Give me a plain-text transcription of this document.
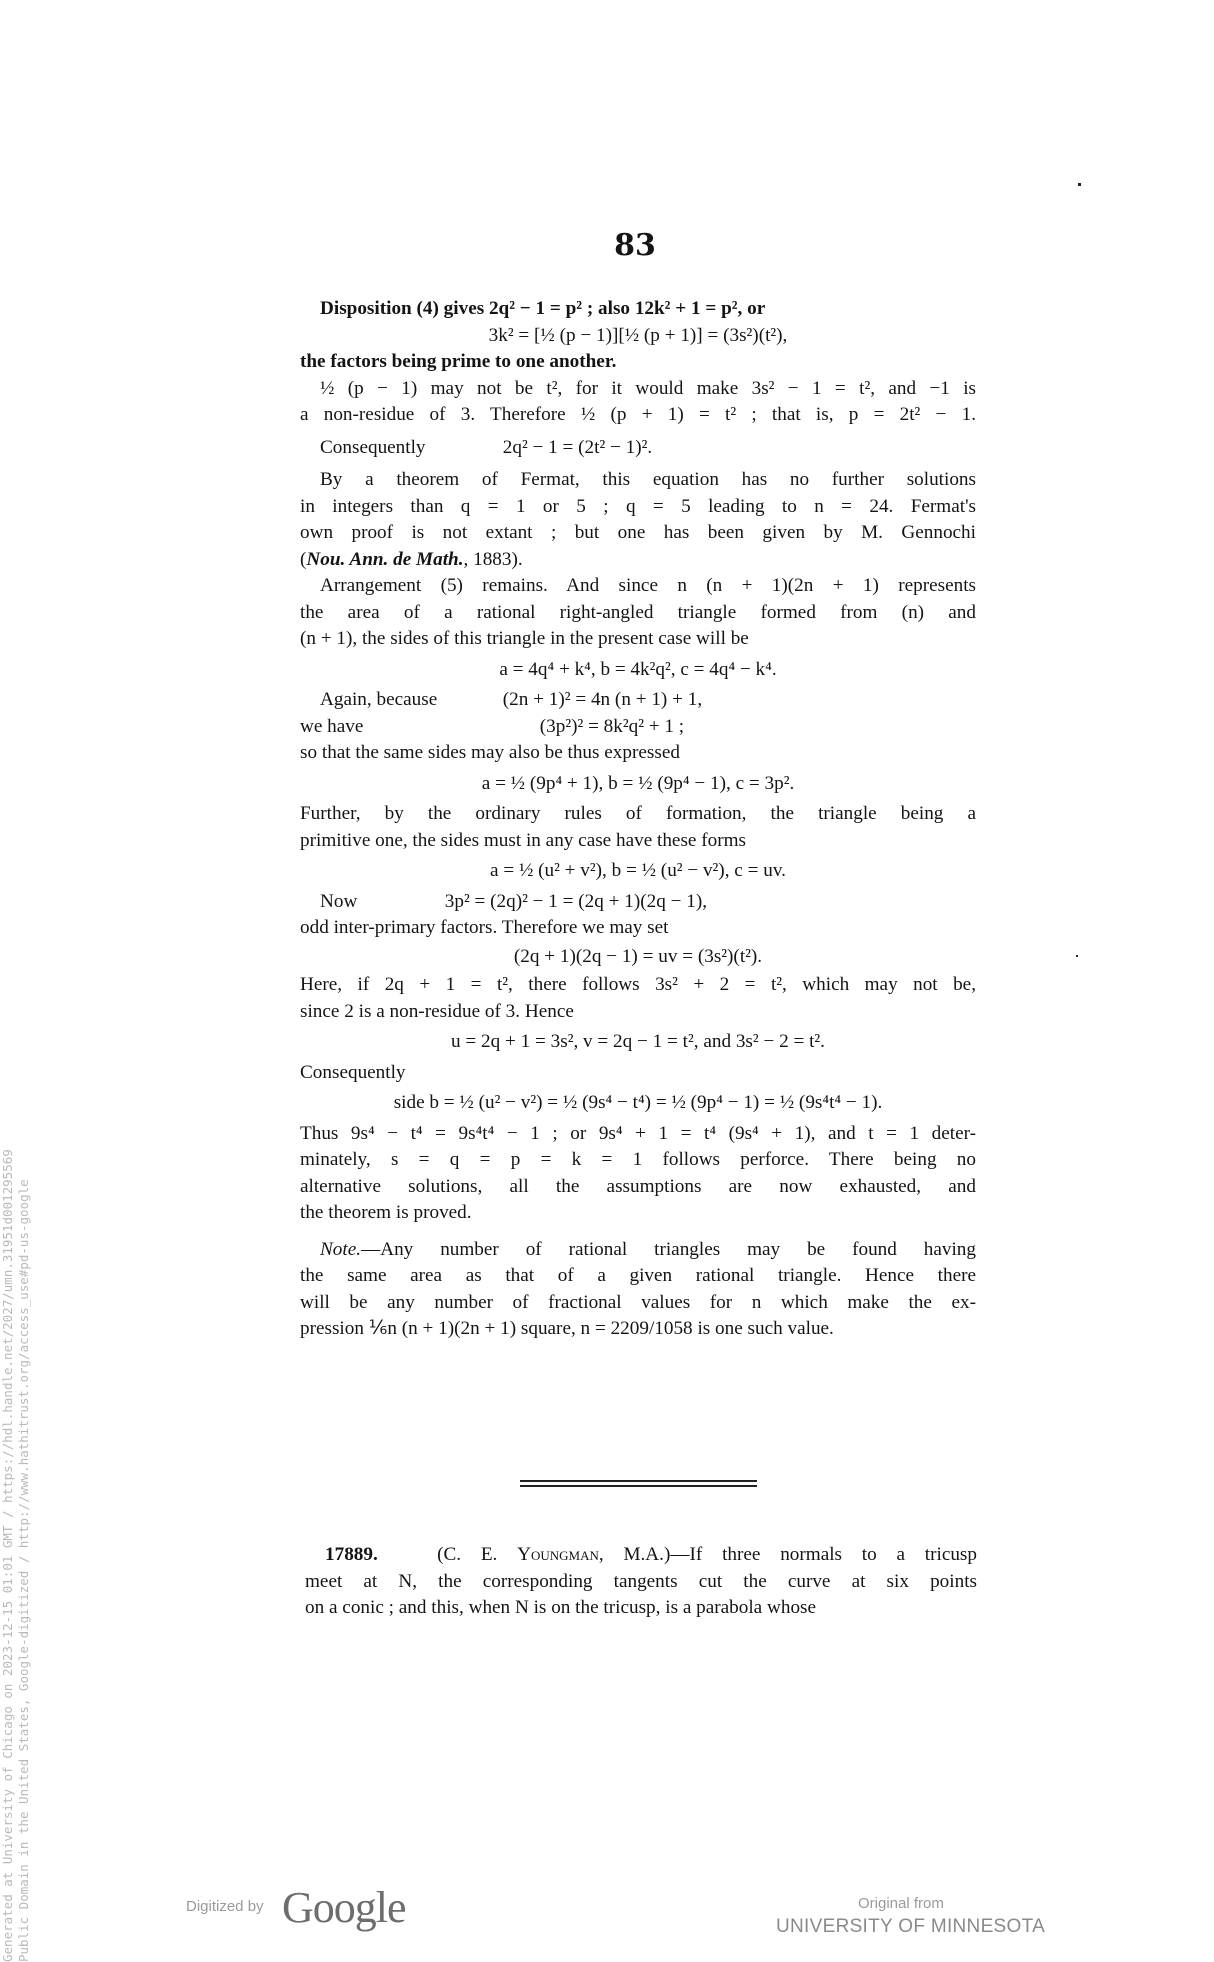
83
Disposition (4) gives 2q² − 1 = p² ; also 12k² + 1 = p², or
3k² = [½ (p − 1)][½ (p + 1)] = (3s²)(t²),
the factors being prime to one another.
½ (p − 1) may not be t², for it would make 3s² − 1 = t², and −1 is
a non-residue of 3. Therefore ½ (p + 1) = t² ; that is, p = 2t² − 1.
Consequently	2q² − 1 = (2t² − 1)².
By a theorem of Fermat, this equation has no further solutions
in integers than q = 1 or 5 ; q = 5 leading to n = 24. Fermat's
own proof is not extant ; but one has been given by M. Gennochi
(Nou. Ann. de Math., 1883).
Arrangement (5) remains. And since n (n + 1)(2n + 1) represents
the area of a rational right-angled triangle formed from (n) and
(n + 1), the sides of this triangle in the present case will be
a = 4q⁴ + k⁴, b = 4k²q², c = 4q⁴ − k⁴.
Again, because	(2n + 1)² = 4n (n + 1) + 1,
we have	(3p²)² = 8k²q² + 1 ;
so that the same sides may also be thus expressed
a = ½ (9p⁴ + 1), b = ½ (9p⁴ − 1), c = 3p².
Further, by the ordinary rules of formation, the triangle being a
primitive one, the sides must in any case have these forms
a = ½ (u² + v²), b = ½ (u² − v²), c = uv.
Now	3p² = (2q)² − 1 = (2q + 1)(2q − 1),
odd inter-primary factors. Therefore we may set
(2q + 1)(2q − 1) = uv = (3s²)(t²).
Here, if 2q + 1 = t², there follows 3s² + 2 = t², which may not be,
since 2 is a non-residue of 3. Hence
u = 2q + 1 = 3s², v = 2q − 1 = t², and 3s² − 2 = t².
Consequently
side b = ½ (u² − v²) = ½ (9s⁴ − t⁴) = ½ (9p⁴ − 1) = ½ (9s⁴t⁴ − 1).
Thus 9s⁴ − t⁴ = 9s⁴t⁴ − 1 ; or 9s⁴ + 1 = t⁴ (9s⁴ + 1), and t = 1 deter-
minately, s = q = p = k = 1 follows perforce. There being no
alternative solutions, all the assumptions are now exhausted, and
the theorem is proved.
Note.—Any number of rational triangles may be found having
the same area as that of a given rational triangle. Hence there
will be any number of fractional values for n which make the ex-
pression ⅙n (n + 1)(2n + 1) square, n = 2209/1058 is one such value.
17889.	(C. E. Youngman, M.A.)—If three normals to a tricusp
meet at N, the corresponding tangents cut the curve at six points
on a conic ; and this, when N is on the tricusp, is a parabola whose
Generated at University of Chicago on 2023-12-15 01:01 GMT / https://hdl.handle.net/2027/umn.31951d001295569 Public Domain in the United States, Google-digitized / http://www.hathitrust.org/access_use#pd-us-google	Digitized by Google	Original from
UNIVERSITY OF MINNESOTA
